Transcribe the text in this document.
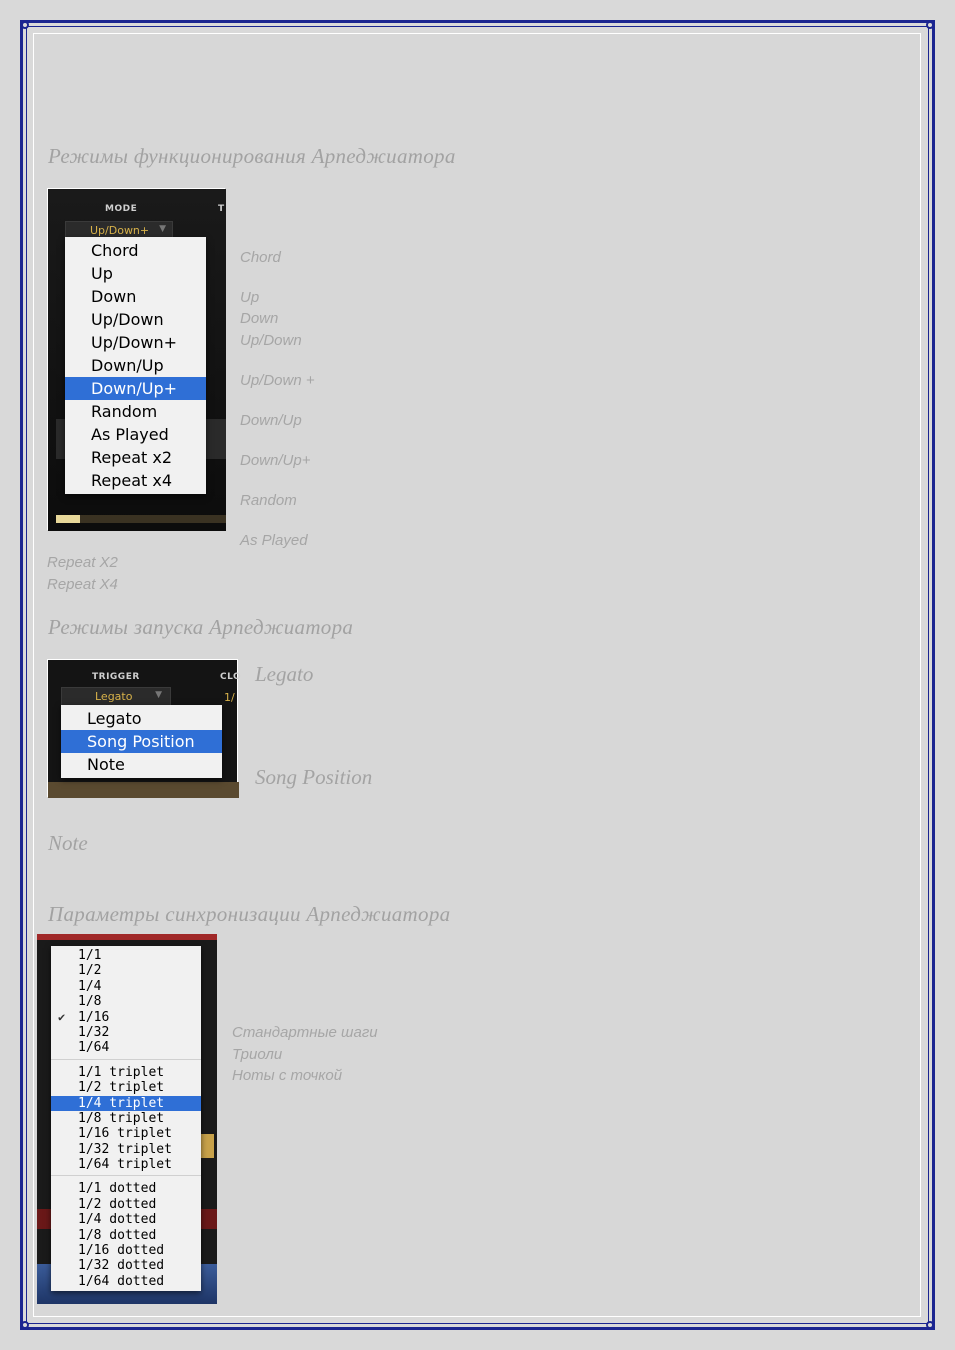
Режимы функционирования Арпеджиатора
MODE	T
Up/Down+ ▼
Chord
Up
Down
Up/Down
Up/Down+
Down/Up
Down/Up+
Random
As Played
Repeat x2
Repeat x4
Chord
Up
Down
Up/Down
Up/Down +
Down/Up
Down/Up+
Random
As Played
Repeat X2
Repeat X4
Режимы запуска Арпеджиатора
TRIGGER	CLO
Legato	▼	1/
Legato
Song Position
Note
Legato
Song Position
Note
Параметры синхронизации Арпеджиатора
1/1
1/2
1/4
1/8
✔ 1/16
1/32
1/64
1/1 triplet
1/2 triplet
1/4 triplet
1/8 triplet
1/16 triplet
1/32 triplet
1/64 triplet
1/1 dotted
1/2 dotted
1/4 dotted
1/8 dotted
1/16 dotted
1/32 dotted
1/64 dotted
Стандартные шаги
Триоли
Ноты с точкой
